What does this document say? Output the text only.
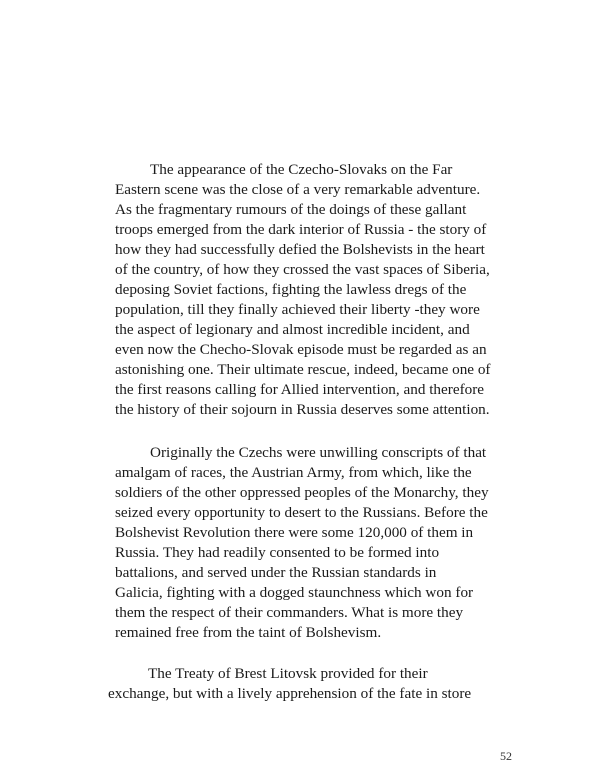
The appearance of the Czecho-Slovaks on the Far
Eastern scene was the close of a very remarkable adventure.
As the fragmentary rumours of the doings of these gallant
troops emerged from the dark interior of Russia - the story of
how they had successfully defied the Bolshevists in the heart
of the country, of how they crossed the vast spaces of Siberia,
deposing Soviet factions, fighting the lawless dregs of the
population, till they finally achieved their liberty -they wore
the aspect of legionary and almost incredible incident, and
even now the Checho-Slovak episode must be regarded as an
astonishing one. Their ultimate rescue, indeed, became one of
the first reasons calling for Allied intervention, and therefore
the history of their sojourn in Russia deserves some attention.
Originally the Czechs were unwilling conscripts of that
amalgam of races, the Austrian Army, from which, like the
soldiers of the other oppressed peoples of the Monarchy, they
seized every opportunity to desert to the Russians. Before the
Bolshevist Revolution there were some 120,000 of them in
Russia. They had readily consented to be formed into
battalions, and served under the Russian standards in
Galicia, fighting with a dogged staunchness which won for
them the respect of their commanders. What is more they
remained free from the taint of Bolshevism.
The Treaty of Brest Litovsk provided for their
exchange, but with a lively apprehension of the fate in store
52
